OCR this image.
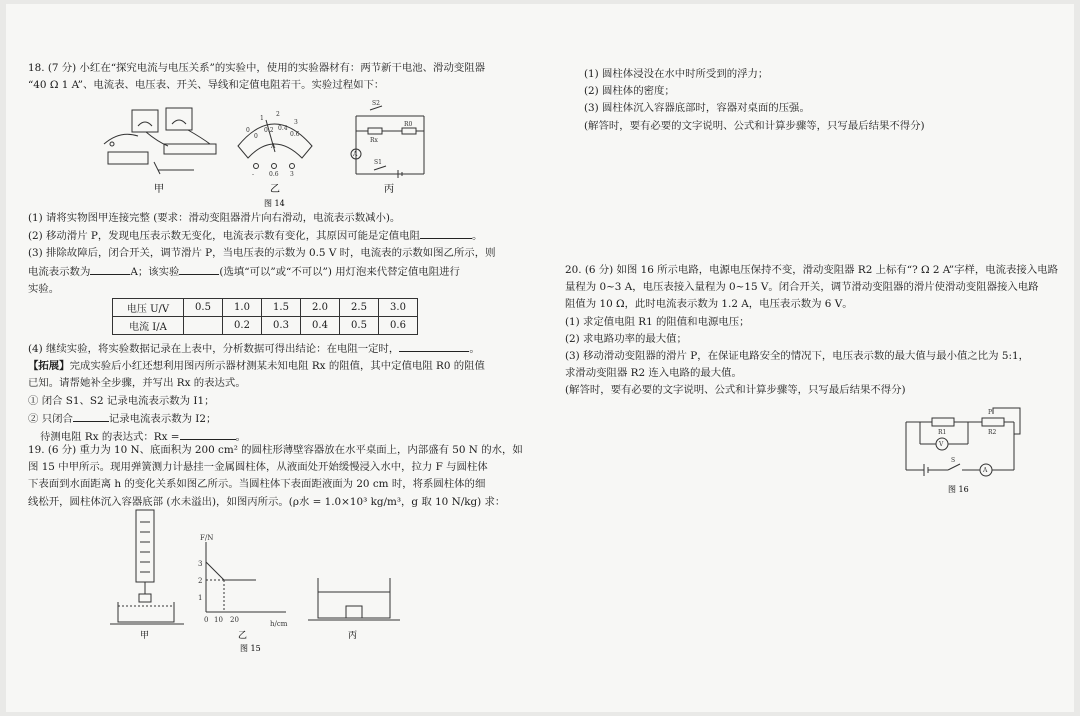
18. (7 分) 小红在“探究电流与电压关系”的实验中，使用的实验器材有：两节新干电池、滑动变阻器

“40 Ω 1 A”、电流表、电压表、开关、导线和定值电阻若干。实验过程如下：

甲
0
1
2
3
0
0.2 0.4
0.6
A
- 0.6 3
乙
S2
Rx
R0
A
S1
丙
图 14

(1) 请将实物图甲连接完整 (要求：滑动变阻器滑片向右滑动，电流表示数减小)。

(2) 移动滑片 P，发现电压表示数无变化，电流表示数有变化，其原因可能是定值电阻	。

(3) 排除故障后，闭合开关，调节滑片 P，当电压表的示数为 0.5 V 时，电流表的示数如图乙所示，则

电流表示数为	A；该实验	(选填“可以”或“不可以”) 用灯泡来代替定值电阻进行

实验。

电压 U/V	0.5	1.0	1.5	2.0	2.5	3.0
电流 I/A		0.2	0.3	0.4	0.5	0.6

(4) 继续实验，将实验数据记录在上表中，分析数据可得出结论：在电阻一定时，	。

【拓展】完成实验后小红还想利用图丙所示器材测某未知电阻 Rx 的阻值，其中定值电阻 R0 的阻值

已知。请帮她补全步骤，并写出 Rx 的表达式。

① 闭合 S1、S2 记录电流表示数为 I1；

② 只闭合	记录电流表示数为 I2；

待测电阻 Rx 的表达式：Rx =	。

19. (6 分) 重力为 10 N、底面积为 200 cm² 的圆柱形薄壁容器放在水平桌面上，内部盛有 50 N 的水，如

图 15 中甲所示。现用弹簧测力计悬挂一金属圆柱体，从液面处开始缓慢浸入水中，拉力 F 与圆柱体

下表面到水面距离 h 的变化关系如图乙所示。当圆柱体下表面距液面为 20 cm 时，将系圆柱体的细

线松开，圆柱体沉入容器底部 (水未溢出)，如图丙所示。(ρ水 = 1.0×10³ kg/m³，g 取 10 N/kg) 求：

F/N
h/cm
3
2
1
0 10 20
甲	乙	丙
图 15

(1) 圆柱体浸没在水中时所受到的浮力；

(2) 圆柱体的密度；

(3) 圆柱体沉入容器底部时，容器对桌面的压强。

(解答时，要有必要的文字说明、公式和计算步骤等，只写最后结果不得分)

20. (6 分) 如图 16 所示电路，电源电压保持不变，滑动变阻器 R2 上标有“? Ω 2 A”字样，电流表接入电路

量程为 0~3 A，电压表接入量程为 0~15 V。闭合开关，调节滑动变阻器的滑片使滑动变阻器接入电路

阻值为 10 Ω，此时电流表示数为 1.2 A，电压表示数为 6 V。

(1) 求定值电阻 R1 的阻值和电源电压；

(2) 求电路功率的最大值；

(3) 移动滑动变阻器的滑片 P，在保证电路安全的情况下，电压表示数的最大值与最小值之比为 5:1，

求滑动变阻器 R2 连入电路的最大值。

(解答时，要有必要的文字说明、公式和计算步骤等，只写最后结果不得分)

R1	R2
P
V
A
S
图 16
